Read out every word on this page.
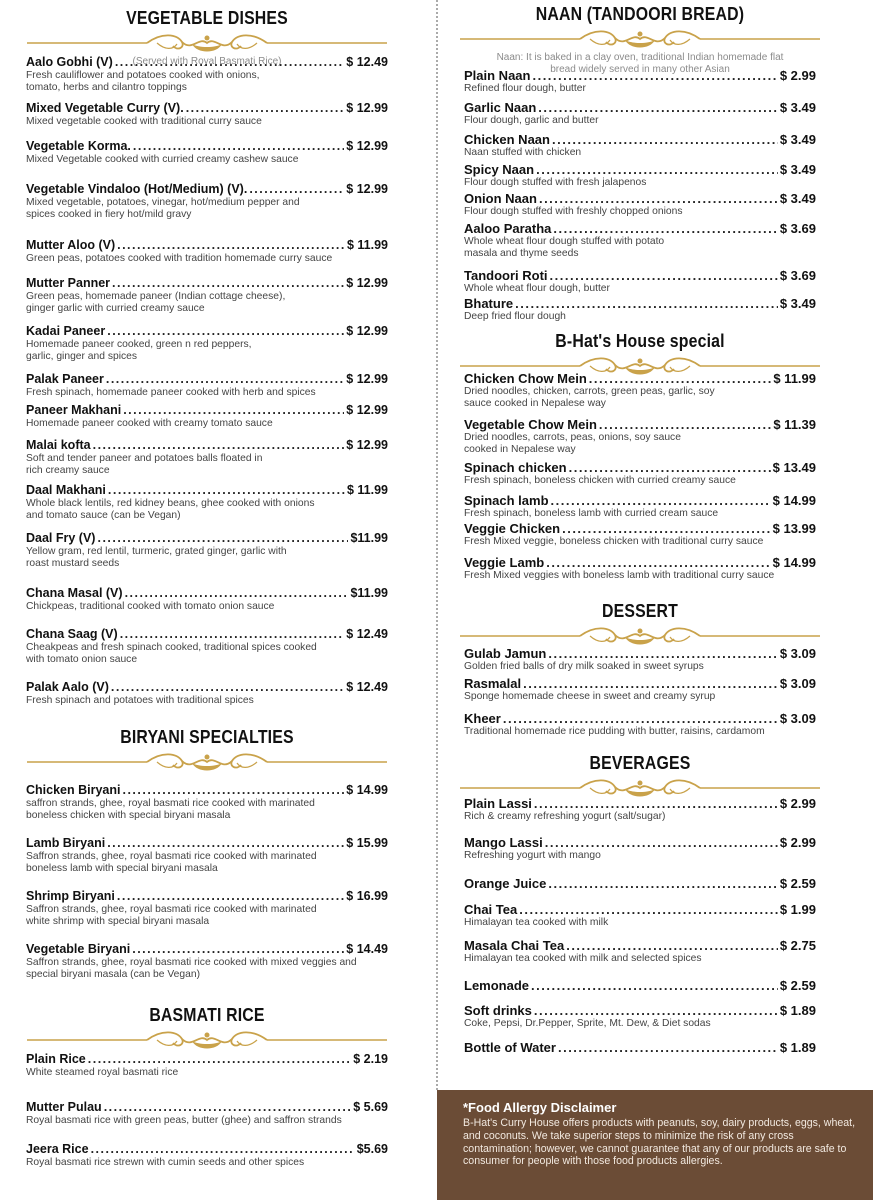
VEGETABLE DISHES
(Served with Royal Basmati Rice)
Aalo Gobhi (V) .....	$ 12.49
Fresh cauliflower and potatoes cooked with onions,
tomato, herbs and cilantro toppings
Mixed Vegetable Curry (V). .....	$ 12.99
Mixed vegetable cooked with traditional curry sauce
Vegetable Korma. .....	$ 12.99
Mixed Vegetable cooked with curried creamy cashew sauce
Vegetable Vindaloo (Hot/Medium) (V). .....	$ 12.99
Mixed vegetable, potatoes, vinegar, hot/medium pepper and
spices cooked in fiery hot/mild gravy
Mutter Aloo (V) .....	$ 11.99
Green peas, potatoes cooked with tradition homemade curry sauce
Mutter Panner .....	$ 12.99
Green peas, homemade paneer (Indian cottage cheese),
ginger garlic with curried creamy sauce
Kadai Paneer .....	$ 12.99
Homemade paneer cooked, green n red peppers,
garlic, ginger and spices
Palak Paneer .....	$ 12.99
Fresh spinach, homemade paneer cooked with herb and spices
Paneer Makhani .....	$ 12.99
Homemade paneer cooked with creamy tomato sauce
Malai kofta .....	$ 12.99
Soft and tender paneer and potatoes balls floated in
rich creamy sauce
Daal Makhani .....	$ 11.99
Whole black lentils, red kidney beans, ghee cooked with onions
and tomato sauce (can be Vegan)
Daal Fry (V) .....	$11.99
Yellow gram, red lentil, turmeric, grated ginger, garlic with
roast mustard seeds
Chana Masal (V) .....	$11.99
Chickpeas, traditional cooked with tomato onion sauce
Chana Saag (V) .....	$ 12.49
Cheakpeas and fresh spinach cooked, traditional spices cooked
with tomato onion sauce
Palak Aalo (V) .....	$ 12.49
Fresh spinach and potatoes with traditional spices
BIRYANI SPECIALTIES
Chicken Biryani .....	$ 14.99
saffron strands, ghee, royal basmati rice cooked with marinated
boneless chicken with special biryani masala
Lamb Biryani .....	$ 15.99
Saffron strands, ghee, royal basmati rice cooked with marinated
boneless lamb with special biryani masala
Shrimp Biryani .....	$ 16.99
Saffron strands, ghee, royal basmati rice cooked with marinated
white shrimp with special biryani masala
Vegetable Biryani .....	$ 14.49
Saffron strands, ghee, royal basmati rice cooked with mixed veggies and
special biryani masala (can be Vegan)
BASMATI RICE
Plain Rice .....	$ 2.19
White steamed royal basmati rice
Mutter Pulau .....	$ 5.69
Royal basmati rice with green peas, butter (ghee) and saffron strands
Jeera Rice .....	$5.69
Royal basmati rice strewn with cumin seeds and other spices
NAAN (TANDOORI BREAD)
Naan: It is baked in a clay oven, traditional Indian homemade flat
bread widely served in many other Asian
Plain Naan .....	$ 2.99
Refined flour dough, butter
Garlic Naan .....	$ 3.49
Flour dough, garlic and butter
Chicken Naan .....	$ 3.49
Naan stuffed with chicken
Spicy Naan .....	$ 3.49
Flour dough stuffed with fresh jalapenos
Onion Naan .....	$ 3.49
Flour dough stuffed with freshly chopped onions
Aaloo Paratha .....	$ 3.69
Whole wheat flour dough stuffed with potato
masala and thyme seeds
Tandoori Roti .....	$ 3.69
Whole wheat flour dough, butter
Bhature .....	$ 3.49
Deep fried flour dough
B-Hat's House special
Chicken Chow Mein .....	$ 11.99
Dried noodles, chicken, carrots, green peas, garlic, soy
sauce cooked in Nepalese way
Vegetable Chow Mein .....	$ 11.39
Dried noodles, carrots, peas, onions, soy sauce
cooked in Nepalese way
Spinach chicken .....	$ 13.49
Fresh spinach, boneless chicken with curried creamy sauce
Spinach lamb .....	$ 14.99
Fresh spinach, boneless lamb with curried cream sauce
Veggie Chicken .....	$ 13.99
Fresh Mixed veggie, boneless chicken with traditional curry sauce
Veggie Lamb .....	$ 14.99
Fresh Mixed veggies with boneless lamb with traditional curry sauce
DESSERT
Gulab Jamun .....	$ 3.09
Golden fried balls of dry milk soaked in sweet syrups
Rasmalal .....	$ 3.09
Sponge homemade cheese in sweet and creamy syrup
Kheer .....	$ 3.09
Traditional homemade rice pudding with butter, raisins, cardamom
BEVERAGES
Plain Lassi .....	$ 2.99
Rich & creamy refreshing yogurt (salt/sugar)
Mango Lassi .....	$ 2.99
Refreshing yogurt with mango
Orange Juice .....	$ 2.59
Chai Tea .....	$ 1.99
Himalayan tea cooked with milk
Masala Chai Tea .....	$ 2.75
Himalayan tea cooked with milk and selected spices
Lemonade .....	$ 2.59
Soft drinks .....	$ 1.89
Coke, Pepsi, Dr.Pepper, Sprite, Mt. Dew, & Diet sodas
Bottle of Water .....	$ 1.89
*Food Allergy Disclaimer
B-Hat's Curry House offers products with peanuts, soy, dairy products, eggs, wheat, and coconuts. We take superior steps to minimize the risk of any cross contamination; however, we cannot guarantee that any of our products are safe to consumer for people with those food products allergies.
